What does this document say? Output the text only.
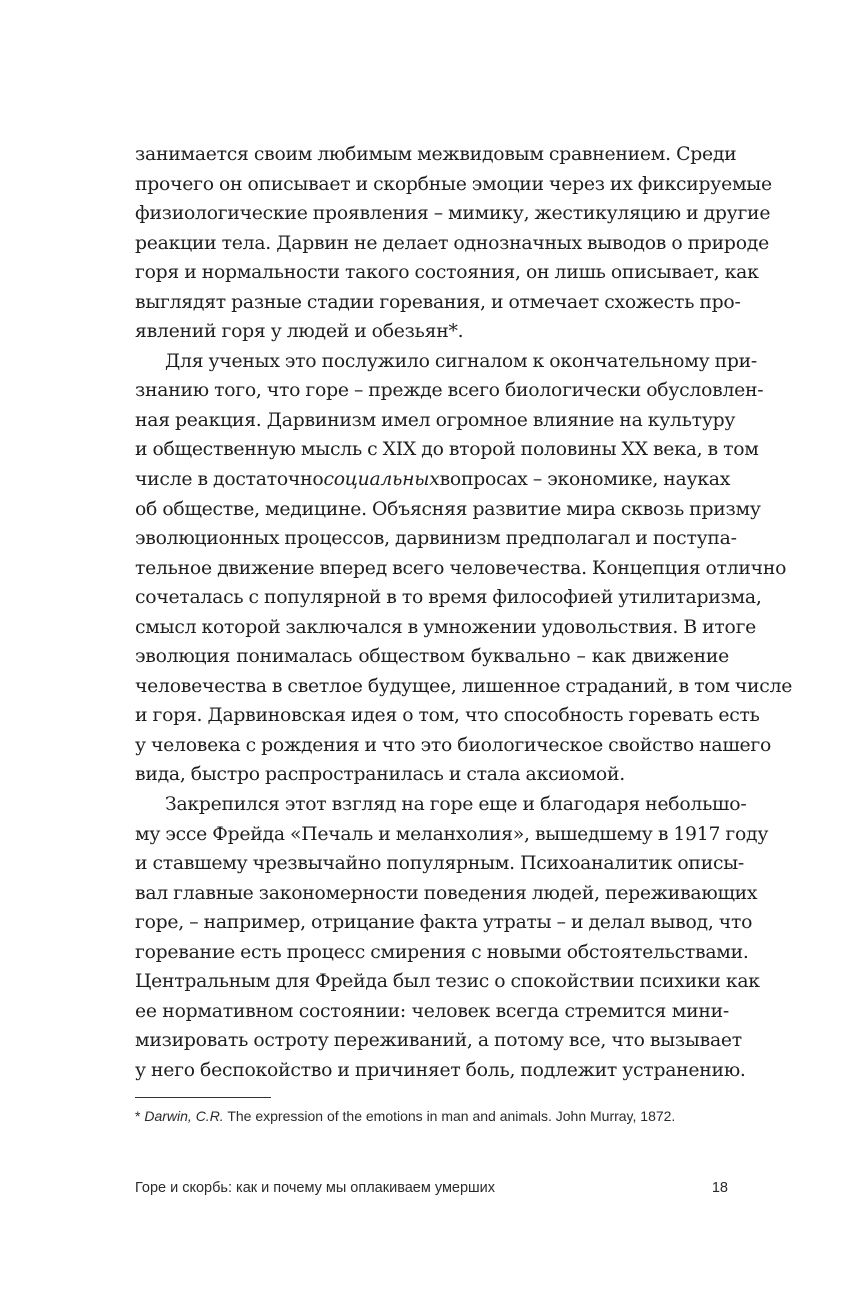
занимается своим любимым межвидовым сравнением. Среди
прочего он описывает и скорбные эмоции через их фиксируемые
физиологические проявления – мимику, жестикуляцию и другие
реакции тела. Дарвин не делает однозначных выводов о природе
горя и нормальности такого состояния, он лишь описывает, как
выглядят разные стадии горевания, и отмечает схожесть про-
явлений горя у людей и обезьян*.
Для ученых это послужило сигналом к окончательному при-
знанию того, что горе – прежде всего биологически обусловлен-
ная реакция. Дарвинизм имел огромное влияние на культуру
и общественную мысль с XIX до второй половины XX века, в том
числе в достаточно социальных вопросах – экономике, науках
об обществе, медицине. Объясняя развитие мира сквозь призму
эволюционных процессов, дарвинизм предполагал и поступа-
тельное движение вперед всего человечества. Концепция отлично
сочеталась с популярной в то время философией утилитаризма,
смысл которой заключался в умножении удовольствия. В итоге
эволюция понималась обществом буквально – как движение
человечества в светлое будущее, лишенное страданий, в том числе
и горя. Дарвиновская идея о том, что способность горевать есть
у человека с рождения и что это биологическое свойство нашего
вида, быстро распространилась и стала аксиомой.
Закрепился этот взгляд на горе еще и благодаря небольшо-
му эссе Фрейда «Печаль и меланхолия», вышедшему в 1917 году
и ставшему чрезвычайно популярным. Психоаналитик описы-
вал главные закономерности поведения людей, переживающих
горе, – например, отрицание факта утраты – и делал вывод, что
горевание есть процесс смирения с новыми обстоятельствами.
Центральным для Фрейда был тезис о спокойствии психики как
ее нормативном состоянии: человек всегда стремится мини-
мизировать остроту переживаний, а потому все, что вызывает
у него беспокойство и причиняет боль, подлежит устранению.
* Darwin, C.R. The expression of the emotions in man and animals. John Murray, 1872.
Горе и скорбь: как и почему мы оплакиваем умерших	18
